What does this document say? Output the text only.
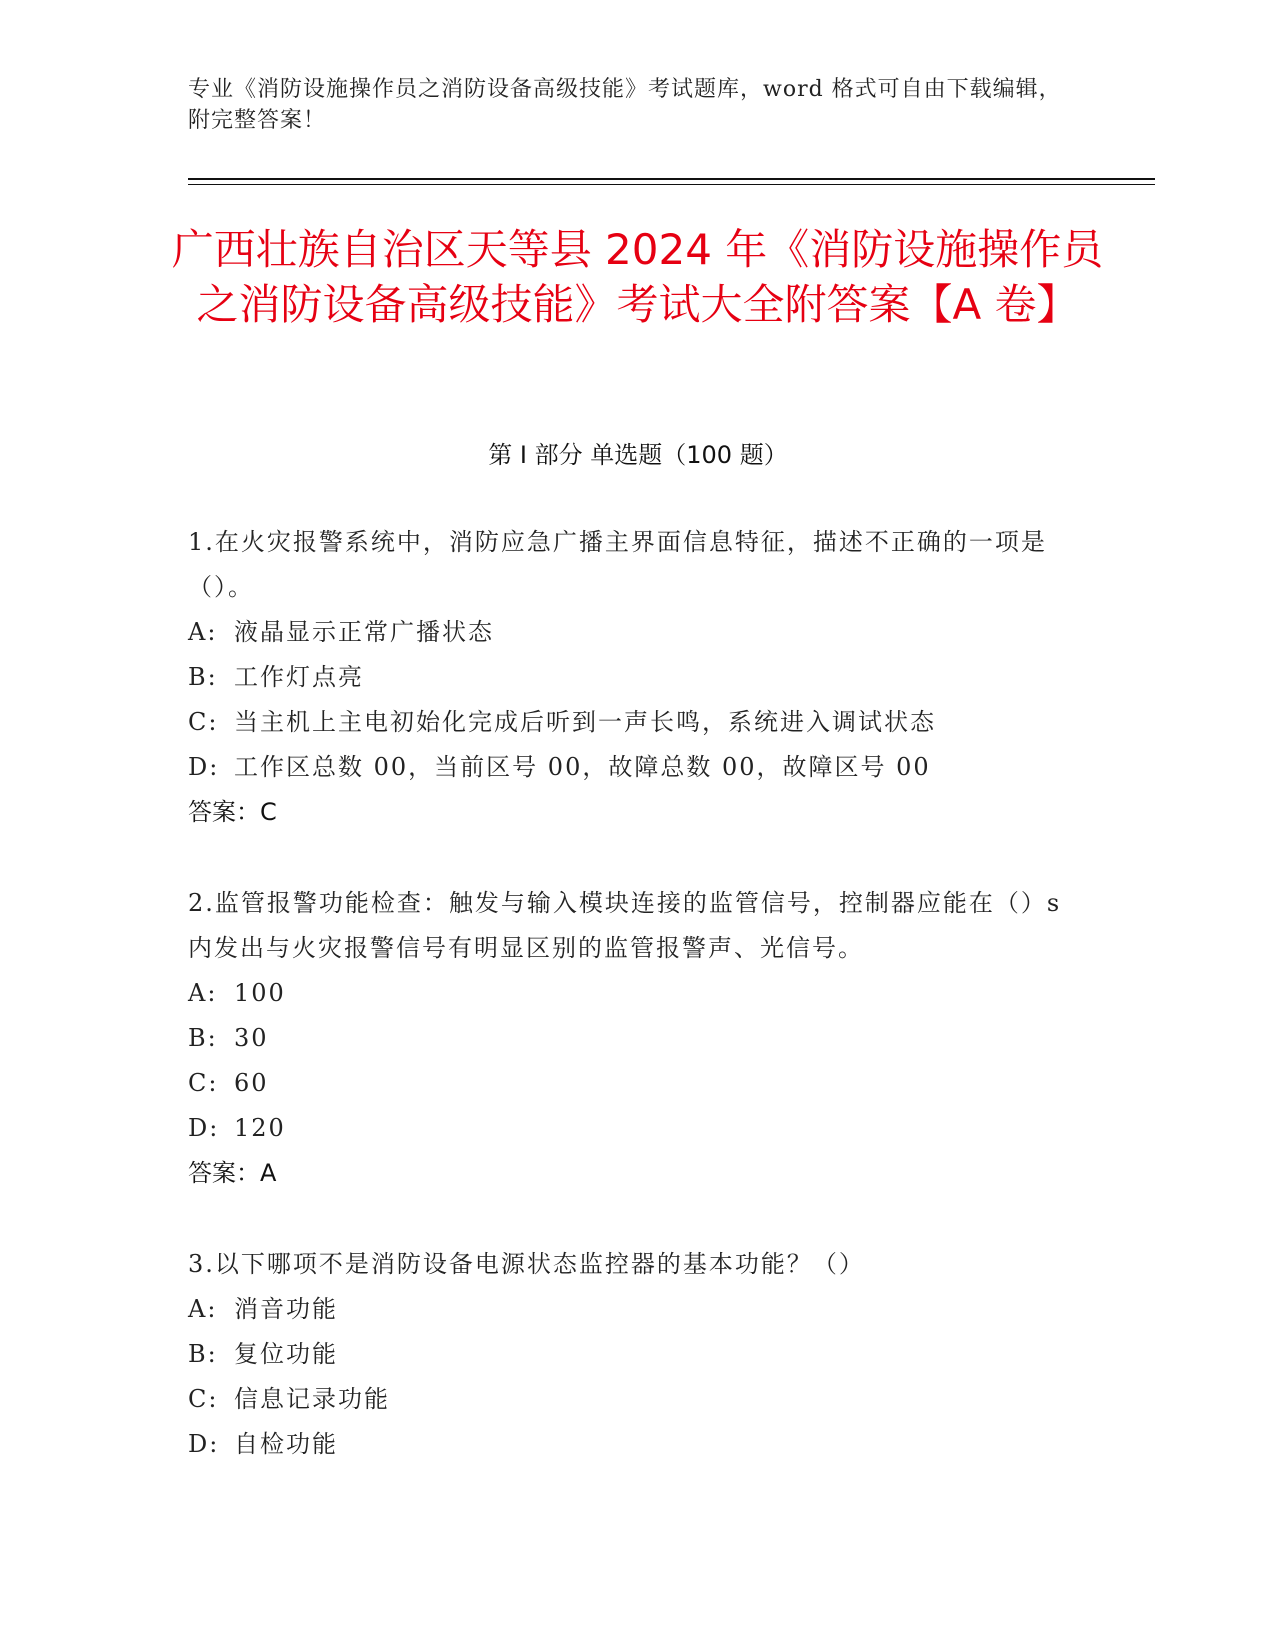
专业《消防设施操作员之消防设备高级技能》考试题库，word 格式可自由下载编辑，附完整答案！
广西壮族自治区天等县 2024 年《消防设施操作员之消防设备高级技能》考试大全附答案【A 卷】
第 I 部分 单选题（100 题）
1.在火灾报警系统中，消防应急广播主界面信息特征，描述不正确的一项是（）。
A: 液晶显示正常广播状态
B: 工作灯点亮
C: 当主机上主电初始化完成后听到一声长鸣，系统进入调试状态
D: 工作区总数 00，当前区号 00，故障总数 00，故障区号 00
答案：C
2.监管报警功能检查：触发与输入模块连接的监管信号，控制器应能在（）s 内发出与火灾报警信号有明显区别的监管报警声、光信号。
A: 100
B: 30
C: 60
D: 120
答案：A
3.以下哪项不是消防设备电源状态监控器的基本功能？（）
A: 消音功能
B: 复位功能
C: 信息记录功能
D: 自检功能
